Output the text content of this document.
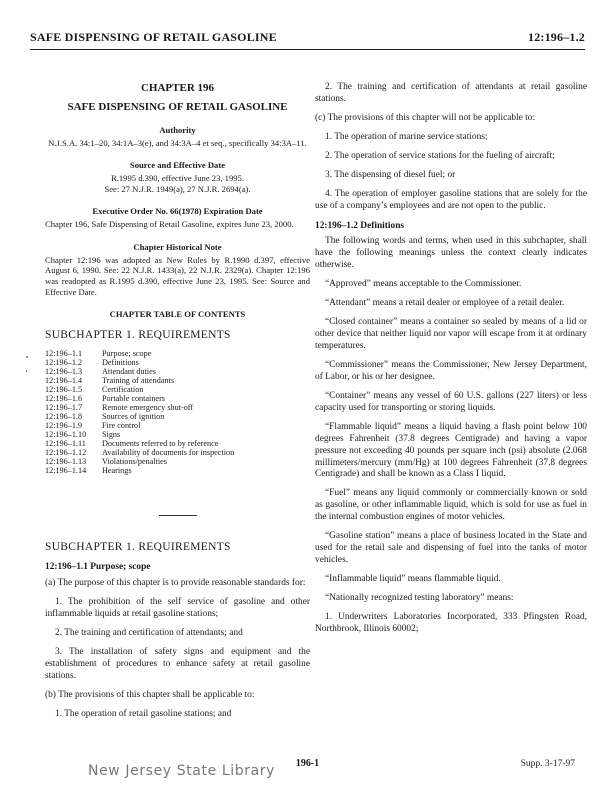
SAFE DISPENSING OF RETAIL GASOLINE	12:196–1.2

CHAPTER 196

SAFE DISPENSING OF RETAIL GASOLINE

Authority

N.J.S.A. 34:1–20, 34:1A–3(e), and 34:3A–4 et seq., specifically 34:3A–11.

Source and Effective Date

R.1995 d.390, effective June 23, 1995.

See: 27 N.J.R. 1949(a), 27 N.J.R. 2694(a).

Executive Order No. 66(1978) Expiration Date

Chapter 196, Safe Dispensing of Retail Gasoline, expires June 23, 2000.

Chapter Historical Note

Chapter 12:196 was adopted as New Rules by R.1990 d.397, effective August 6, 1990. See: 22 N.J.R. 1433(a), 22 N.J.R. 2329(a). Chapter 12:196 was readopted as R.1995 d.390, effective June 23, 1995. See: Source and Effective Date.

CHAPTER TABLE OF CONTENTS

SUBCHAPTER 1. REQUIREMENTS

12:196–1.1	Purpose; scope
12:196–1.2	Definitions
12:196–1.3	Attendant duties
12:196–1.4	Training of attendants
12:196–1.5	Certification
12:196–1.6	Portable containers
12:196–1.7	Remote emergency shut-off
12:196–1.8	Sources of ignition
12:196–1.9	Fire control
12:196–1.10	Signs
12:196–1.11	Documents referred to by reference
12:196–1.12	Availability of documents for inspection
12:196–1.13	Violations/penalties
12:196–1.14	Hearings

SUBCHAPTER 1. REQUIREMENTS

12:196–1.1 Purpose; scope

(a) The purpose of this chapter is to provide reasonable standards for:

1. The prohibition of the self service of gasoline and other inflammable liquids at retail gasoline stations;

2. The training and certification of attendants; and

3. The installation of safety signs and equipment and the establishment of procedures to enhance safety at retail gasoline stations.

(b) The provisions of this chapter shall be applicable to:

1. The operation of retail gasoline stations; and

2. The training and certification of attendants at retail gasoline stations.

(c) The provisions of this chapter will not be applicable to:

1. The operation of marine service stations;

2. The operation of service stations for the fueling of aircraft;

3. The dispensing of diesel fuel; or

4. The operation of employer gasoline stations that are solely for the use of a company’s employees and are not open to the public.

12:196–1.2 Definitions

The following words and terms, when used in this subchapter, shall have the following meanings unless the context clearly indicates otherwise.

“Approved” means acceptable to the Commissioner.

“Attendant” means a retail dealer or employee of a retail dealer.

“Closed container” means a container so sealed by means of a lid or other device that neither liquid nor vapor will escape from it at ordinary temperatures.

“Commissioner” means the Commissioner, New Jersey Department, of Labor, or his or her designee.

“Container” means any vessel of 60 U.S. gallons (227 liters) or less capacity used for transporting or storing liquids.

“Flammable liquid” means a liquid having a flash point below 100 degrees Fahrenheit (37.8 degrees Centigrade) and having a vapor pressure not exceeding 40 pounds per square inch (psi) absolute (2.068 millimeters/mercury (mm/Hg) at 100 degrees Fahrenheit (37.8 degrees Centigrade) and shall be known as a Class I liquid.

“Fuel” means any liquid commonly or commercially known or sold as gasoline, or other inflammable liquid, which is sold for use as fuel in the internal combustion engines of motor vehicles.

“Gasoline station” means a place of business located in the State and used for the retail sale and dispensing of fuel into the tanks of motor vehicles.

“Inflammable liquid” means flammable liquid.

“Nationally recognized testing laboratory” means:

1. Underwriters Laboratories Incorporated, 333 Pfingsten Road, Northbrook, Illinois 60002;

196-1	Supp. 3-17-97
New Jersey State Library
